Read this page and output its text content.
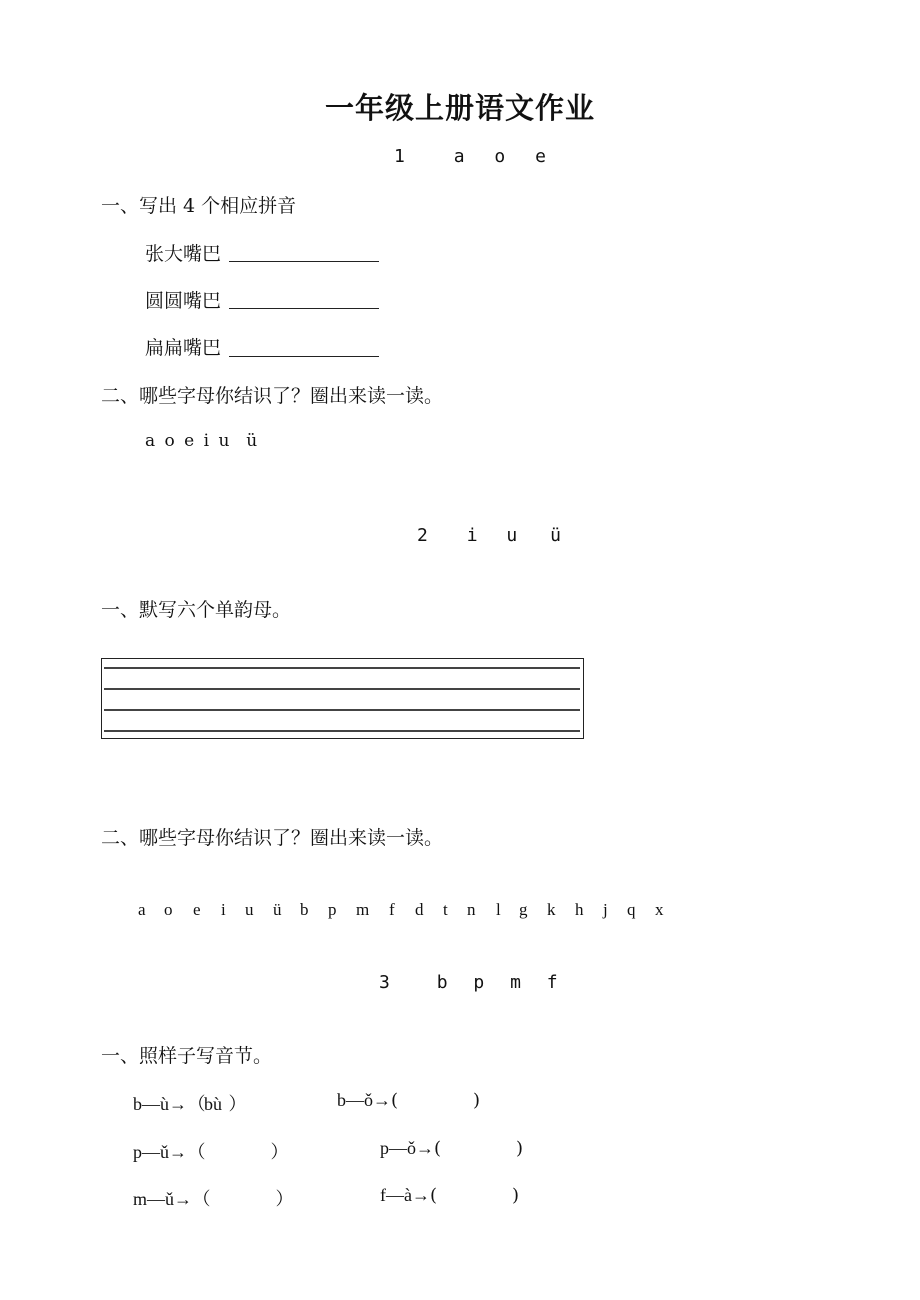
一年级上册语文作业
1	a o e
一、写出 4 个相应拼音
张大嘴巴
圆圆嘴巴
扁扁嘴巴
二、哪些字母你结识了？圈出来读一读。
a o e i u  ü
2 i u ü
一、默写六个单韵母。
二、哪些字母你结识了？圈出来读一读。
a o e i u ü b p m f d t n l g k h j q x
3	b p m f
一、照样子写音节。
b—ù→ （ bù ）	b—ǒ→(	)
p—ǔ→ （	）	p—ǒ→(	)
m—ǔ→ （	）	f—à→(	)
